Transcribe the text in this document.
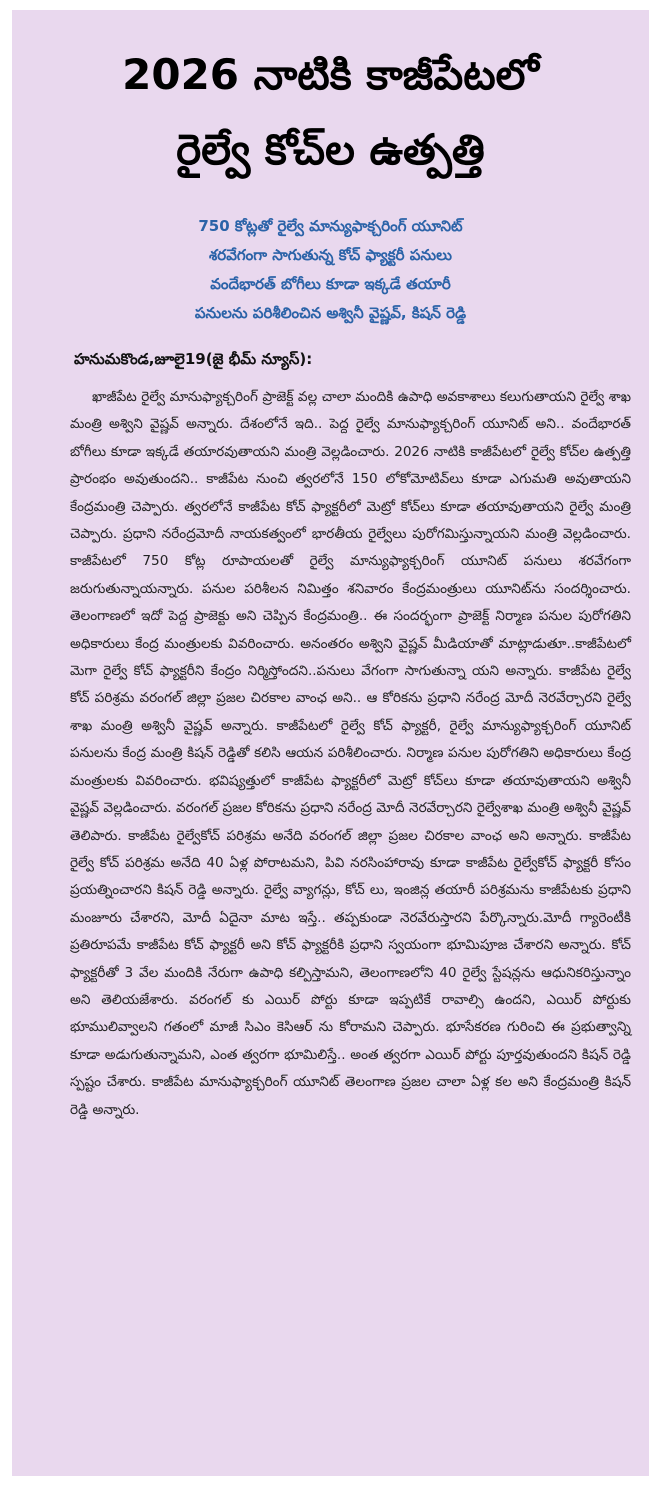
2026 నాటికి కాజీపేటలో
రైల్వే కోచ్‌ల ఉత్పత్తి
750 కోట్లతో రైల్వే మాన్యుఫాక్చరింగ్ యూనిట్
శరవేగంగా సాగుతున్న కోచ్ ఫ్యాక్టరీ పనులు
వందేభారత్ బోగీలు కూడా ఇక్కడే తయారీ
పనులను పరిశీలించిన అశ్వినీ వైష్ణవ్, కిషన్ రెడ్డి
హనుమకొండ,జూలై19(జై భీమ్ న్యూస్):

ఖాజీపేట రైల్వే మానుఫ్యాక్చరింగ్ ప్రాజెక్ట్ వల్ల చాలా మందికి ఉపాధి అవకాశాలు కలుగుతాయని రైల్వే శాఖ మంత్రి అశ్విని వైష్ణవ్ అన్నారు. దేశంలోనే ఇది.. పెద్ద రైల్వే మానుఫ్యాక్చరింగ్ యూనిట్ అని.. వందేభారత్ బోగీలు కూడా ఇక్కడే తయారవుతాయని మంత్రి వెల్లడించారు. 2026 నాటికి కాజీపేటలో రైల్వే కోచ్‌ల ఉత్పత్తి ప్రారంభం అవుతుందని.. కాజీపేట నుంచి త్వరలోనే 150 లోకోమోటివ్‌లు కూడా ఎగుమతి అవుతాయని కేంద్రమంత్రి చెప్పారు. త్వరలోనే కాజీపేట కోచ్ ఫ్యాక్టరీలో మెట్రో కోచ్‌లు కూడా తయావుతాయని రైల్వే మంత్రి చెప్పారు. ప్రధాని నరేంద్రమోదీ నాయకత్వంలో భారతీయ రైల్వేలు పురోగమిస్తున్నాయని మంత్రి వెల్లడించారు. కాజీపేటలో 750 కోట్ల రూపాయలతో రైల్వే మాన్యుఫ్యాక్చరింగ్ యూనిట్ పనులు శరవేగంగా జరుగుతున్నాయన్నారు. పనుల పరిశీలన నిమిత్తం శనివారం కేంద్రమంత్రులు యూనిట్‌ను సందర్శించారు. తెలంగాణలో ఇదో పెద్ద ప్రాజెక్టు అని చెప్పిన కేంద్రమంత్రి.. ఈ సందర్భంగా ప్రాజెక్ట్ నిర్మాణ పనుల పురోగతిని అధికారులు కేంద్ర మంత్రులకు వివరించారు. అనంతరం అశ్విని వైష్ణవ్ మీడియాతో మాట్లాడుతూ..కాజీపేటలో మెగా రైల్వే కోచ్ ఫ్యాక్టరీని కేంద్రం నిర్మిస్తోందని..పనులు వేగంగా సాగుతున్నా యని అన్నారు. కాజీపేట రైల్వే కోచ్ పరిశ్రమ వరంగల్ జిల్లా ప్రజల చిరకాల వాంఛ అని.. ఆ కోరికను ప్రధాని నరేంద్ర మోదీ నెరవేర్చారని రైల్వే శాఖ మంత్రి అశ్వినీ వైష్ణవ్ అన్నారు. కాజీపేటలో రైల్వే కోచ్ ఫ్యాక్టరీ, రైల్వే మాన్యుఫ్యాక్చరింగ్ యూనిట్ పనులను కేంద్ర మంత్రి కిషన్ రెడ్డితో కలిసి ఆయన పరిశీలించారు. నిర్మాణ పనుల పురోగతిని అధికారులు కేంద్ర మంత్రులకు వివరించారు. భవిష్యత్తులో కాజీపేట ఫ్యాక్టరీలో మెట్రో కోచ్‌లు కూడా తయావుతాయని అశ్వినీ వైష్ణవ్ వెల్లడించారు. వరంగల్ ప్రజల కోరికను ప్రధాని నరేంద్ర మోదీ నెరవేర్చారని రైల్వేశాఖ మంత్రి అశ్వినీ వైష్ణవ్ తెలిపారు. కాజీపేట రైల్వేకోచ్ పరిశ్రమ అనేది వరంగల్ జిల్లా ప్రజల చిరకాల వాంఛ అని అన్నారు. కాజీపేట రైల్వే కోచ్ పరిశ్రమ అనేది 40 ఏళ్ల పోరాటమని, పివి నరసింహారావు కూడా కాజీపేట రైల్వేకోచ్ ఫ్యాక్టరీ కోసం ప్రయత్నించారని కిషన్ రెడ్డి అన్నారు. రైల్వే వ్యాగన్లు, కోచ్ లు, ఇంజిన్ల తయారీ పరిశ్రమను కాజీపేటకు ప్రధాని మంజూరు చేశారని, మోదీ ఏదైనా మాట ఇస్తే.. తప్పకుండా నెరవేరుస్తారని పేర్కొన్నారు.మోదీ గ్యారెంటీకి ప్రతిరూపమే కాజీపేట కోచ్ ఫ్యాక్టరీ అని కోచ్ ఫ్యాక్టరీకి ప్రధాని స్వయంగా భూమిపూజ చేశారని అన్నారు. కోచ్ ఫ్యాక్టరీతో 3 వేల మందికి నేరుగా ఉపాధి కల్పిస్తామని, తెలంగాణలోని 40 రైల్వే స్టేషన్లను ఆధునికరిస్తున్నాం అని తెలియజేశారు. వరంగల్ కు ఎయిర్ పోర్టు కూడా ఇప్పటికే రావాల్సి ఉందని, ఎయిర్ పోర్టుకు భూములివ్వాలని గతంలో మాజీ సిఎం కెసిఆర్ ను కోరామని చెప్పారు. భూసేకరణ గురించి ఈ ప్రభుత్వాన్ని కూడా అడుగుతున్నామని, ఎంత త్వరగా భూమిలిస్తే.. అంత త్వరగా ఎయిర్ పోర్టు పూర్తవుతుందని కిషన్ రెడ్డి స్పష్టం చేశారు. కాజీపేట మానుఫ్యాక్చరింగ్ యూనిట్ తెలంగాణ ప్రజల చాలా ఏళ్ల కల అని కేంద్రమంత్రి కిషన్ రెడ్డి అన్నారు.
